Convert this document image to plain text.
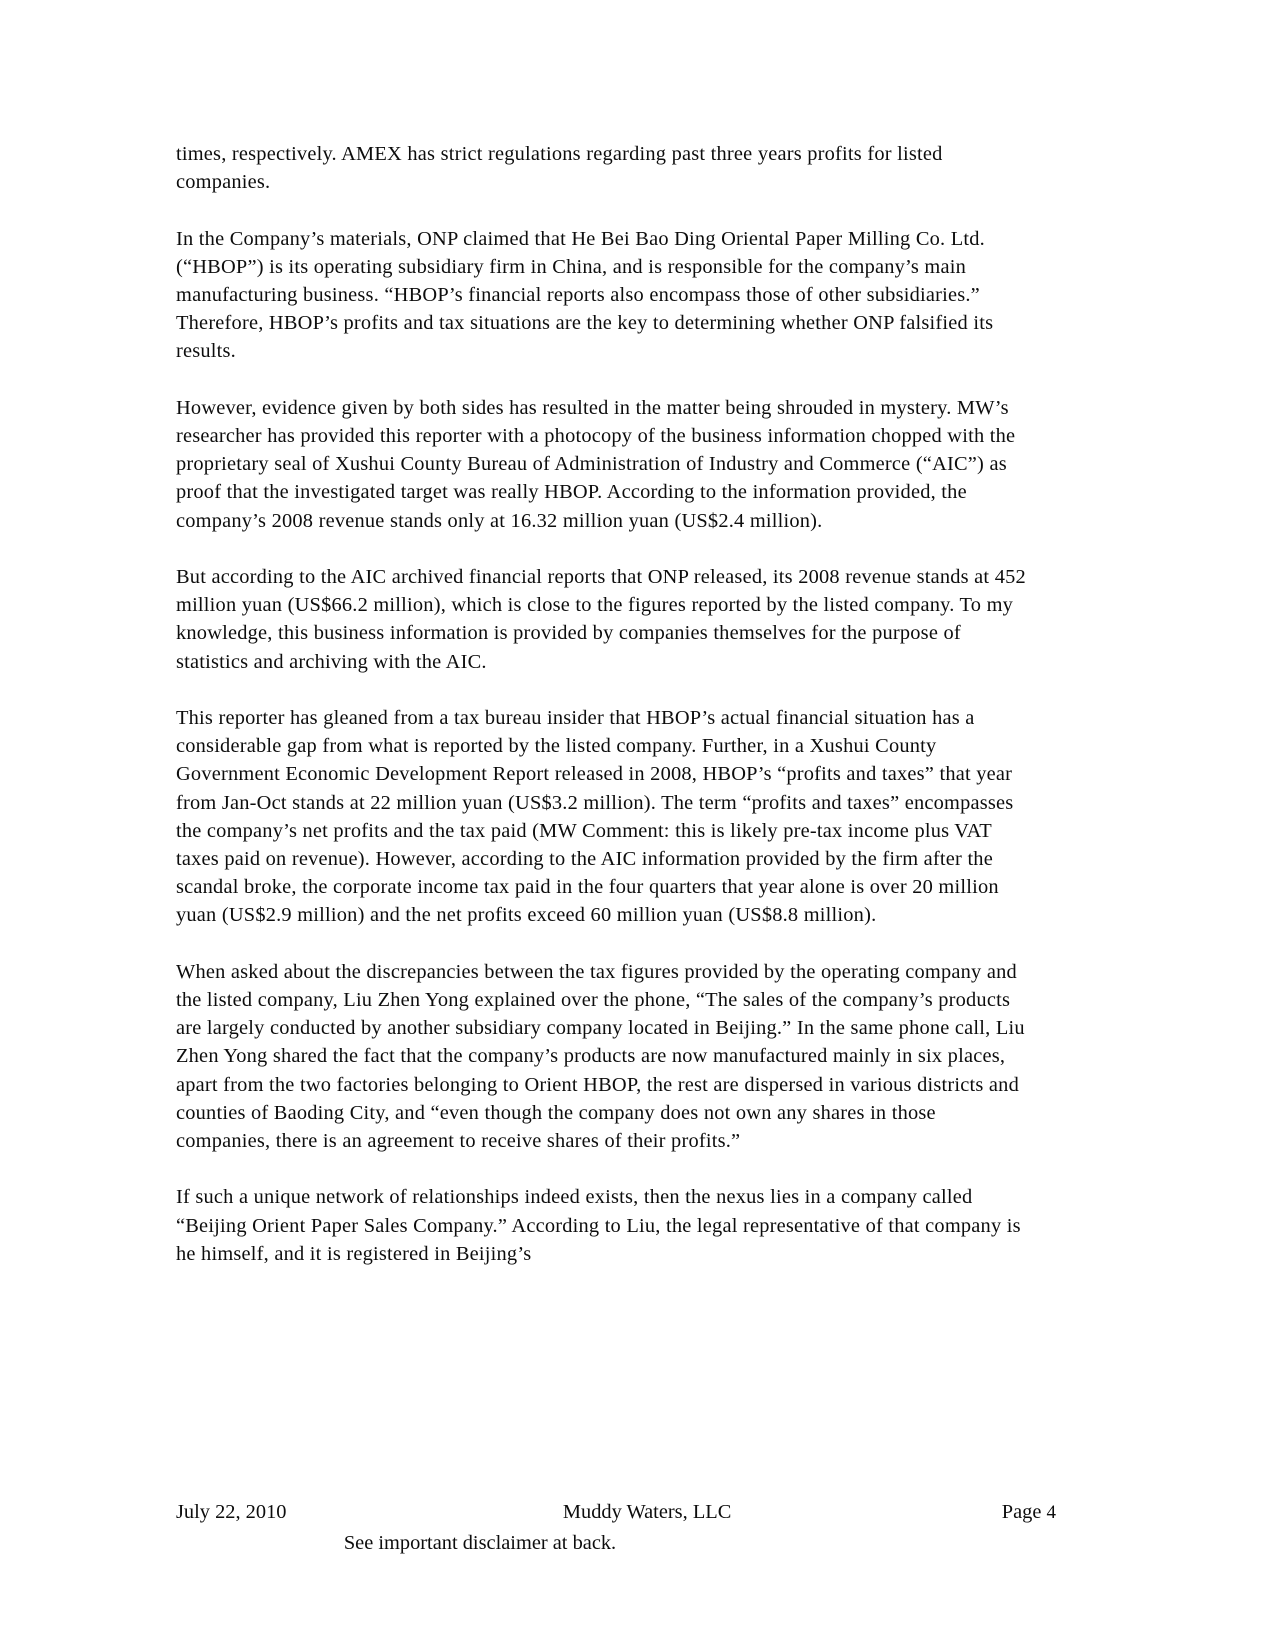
times, respectively. AMEX has strict regulations regarding past three years profits for listed companies.

In the Company’s materials, ONP claimed that He Bei Bao Ding Oriental Paper Milling Co. Ltd. (“HBOP”) is its operating subsidiary firm in China, and is responsible for the company’s main manufacturing business. “HBOP’s financial reports also encompass those of other subsidiaries.” Therefore, HBOP’s profits and tax situations are the key to determining whether ONP falsified its results.

However, evidence given by both sides has resulted in the matter being shrouded in mystery. MW’s researcher has provided this reporter with a photocopy of the business information chopped with the proprietary seal of Xushui County Bureau of Administration of Industry and Commerce (“AIC”) as proof that the investigated target was really HBOP. According to the information provided, the company’s 2008 revenue stands only at 16.32 million yuan (US$2.4 million).

But according to the AIC archived financial reports that ONP released, its 2008 revenue stands at 452 million yuan (US$66.2 million), which is close to the figures reported by the listed company. To my knowledge, this business information is provided by companies themselves for the purpose of statistics and archiving with the AIC.

This reporter has gleaned from a tax bureau insider that HBOP’s actual financial situation has a considerable gap from what is reported by the listed company. Further, in a Xushui County Government Economic Development Report released in 2008, HBOP’s “profits and taxes” that year from Jan-Oct stands at 22 million yuan (US$3.2 million). The term “profits and taxes” encompasses the company’s net profits and the tax paid (MW Comment: this is likely pre-tax income plus VAT taxes paid on revenue). However, according to the AIC information provided by the firm after the scandal broke, the corporate income tax paid in the four quarters that year alone is over 20 million yuan (US$2.9 million) and the net profits exceed 60 million yuan (US$8.8 million).

When asked about the discrepancies between the tax figures provided by the operating company and the listed company, Liu Zhen Yong explained over the phone, “The sales of the company’s products are largely conducted by another subsidiary company located in Beijing.” In the same phone call, Liu Zhen Yong shared the fact that the company’s products are now manufactured mainly in six places, apart from the two factories belonging to Orient HBOP, the rest are dispersed in various districts and counties of Baoding City, and “even though the company does not own any shares in those companies, there is an agreement to receive shares of their profits.”

If such a unique network of relationships indeed exists, then the nexus lies in a company called “Beijing Orient Paper Sales Company.” According to Liu, the legal representative of that company is he himself, and it is registered in Beijing’s

July 22, 2010	Muddy Waters, LLC	Page 4
See important disclaimer at back.
